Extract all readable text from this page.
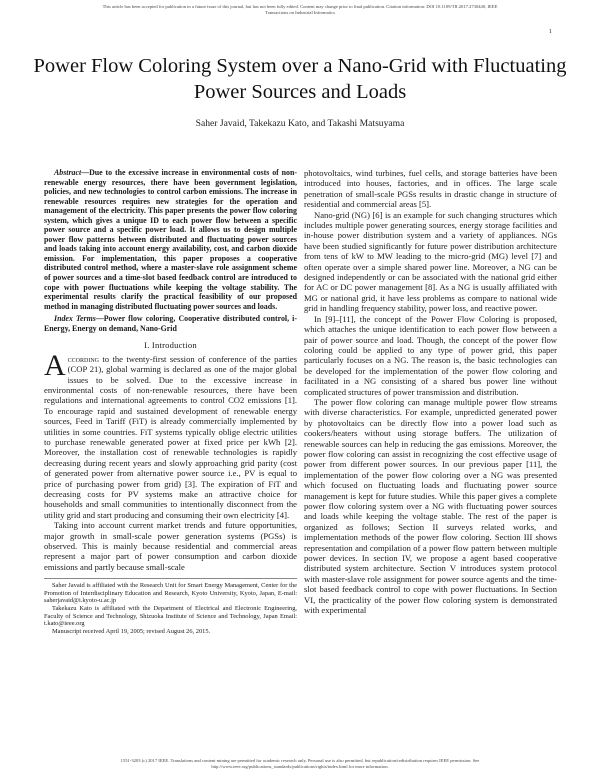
This article has been accepted for publication in a future issue of this journal, but has not been fully edited. Content may change prior to final publication. Citation information: DOI 10.1109/TII.2017.2730440, IEEE
Transactions on Industrial Informatics
1
Power Flow Coloring System over a Nano-Grid with Fluctuating Power Sources and Loads
Saher Javaid, Takekazu Kato, and Takashi Matsuyama

Abstract—Due to the excessive increase in environmental costs of non-renewable energy resources, there have been government legislation, policies, and new technologies to control carbon emissions. The increase in renewable resources requires new strategies for the operation and management of the electricity. This paper presents the power flow coloring system, which gives a unique ID to each power flow between a specific power source and a specific power load. It allows us to design multiple power flow patterns between distributed and fluctuating power sources and loads taking into account energy availability, cost, and carbon dioxide emission. For implementation, this paper proposes a cooperative distributed control method, where a master-slave role assignment scheme of power sources and a time-slot based feedback control are introduced to cope with power fluctuations while keeping the voltage stability. The experimental results clarify the practical feasibility of our proposed method in managing distributed fluctuating power sources and loads.

Index Terms—Power flow coloring, Cooperative distributed control, i-Energy, Energy on demand, Nano-Grid

I. Introduction

According to the twenty-first session of conference of the parties (COP 21), global warming is declared as one of the major global issues to be solved. Due to the excessive increase in environmental costs of non-renewable resources, there have been regulations and international agreements to control CO2 emissions [1]. To encourage rapid and sustained development of renewable energy sources, Feed in Tariff (FiT) is already commercially implemented by utilities in some countries. FiT systems typically oblige electric utilities to purchase renewable generated power at fixed price per kWh [2]. Moreover, the installation cost of renewable technologies is rapidly decreasing during recent years and slowly approaching grid parity (cost of generated power from alternative power source i.e., PV is equal to price of purchasing power from grid) [3]. The expiration of FiT and decreasing costs for PV systems make an attractive choice for households and small communities to intentionally disconnect from the utility grid and start producing and consuming their own electricity [4].

Taking into account current market trends and future opportunities, major growth in small-scale power generation systems (PGSs) is observed. This is mainly because residential and commercial areas represent a major part of power consumption and carbon dioxide emissions and partly because small-scale

Saher Javaid is affiliated with the Research Unit for Smart Energy Management, Center for the Promotion of Interdisciplinary Education and Research, Kyoto University, Kyoto, Japan, E-mail: saherjavaid@i.kyoto-u.ac.jp
Takekazu Kato is affiliated with the Department of Electrical and Electronic Engineering, Faculty of Science and Technology, Shizuoka Institute of Science and Technology, Japan Email: t.kato@ieee.org
Manuscript received April 19, 2005; revised August 26, 2015.

photovoltaics, wind turbines, fuel cells, and storage batteries have been introduced into houses, factories, and in offices. The large scale penetration of small-scale PGSs results in drastic change in structure of residential and commercial areas [5].

Nano-grid (NG) [6] is an example for such changing structures which includes multiple power generating sources, energy storage facilities and in-house power distribution system and a variety of appliances. NGs have been studied significantly for future power distribution architecture from tens of kW to MW leading to the micro-grid (MG) level [7] and often operate over a simple shared power line. Moreover, a NG can be designed independently or can be associated with the national grid either for AC or DC power management [8]. As a NG is usually affiliated with MG or national grid, it have less problems as compare to national wide grid in handling frequency stability, power loss, and reactive power.

In [9]–[11], the concept of the Power Flow Coloring is proposed, which attaches the unique identification to each power flow between a pair of power source and load. Though, the concept of the power flow coloring could be applied to any type of power grid, this paper particularly focuses on a NG. The reason is, the basic technologies can be developed for the implementation of the power flow coloring and facilitated in a NG consisting of a shared bus power line without complicated structures of power transmission and distribution.

The power flow coloring can manage multiple power flow streams with diverse characteristics. For example, unpredicted generated power by photovoltaics can be directly flow into a power load such as cookers/heaters without using storage buffers. The utilization of renewable sources can help in reducing the gas emissions. Moreover, the power flow coloring can assist in recognizing the cost effective usage of power from different power sources. In our previous paper [11], the implementation of the power flow coloring over a NG was presented which focused on fluctuating loads and fluctuating power source management is kept for future studies. While this paper gives a complete power flow coloring system over a NG with fluctuating power sources and loads while keeping the voltage stable. The rest of the paper is organized as follows; Section II surveys related works, and implementation methods of the power flow coloring. Section III shows representation and compilation of a power flow pattern between multiple power devices. In section IV, we propose a agent based cooperative distributed system architecture. Section V introduces system protocol with master-slave role assignment for power source agents and the time-slot based feedback control to cope with power fluctuations. In Section VI, the practicality of the power flow coloring system is demonstrated with experimental

1551-3203 (c) 2017 IEEE. Translations and content mining are permitted for academic research only. Personal use is also permitted, but republication/redistribution requires IEEE permission. See
http://www.ieee.org/publications_standards/publications/rights/index.html for more information.
